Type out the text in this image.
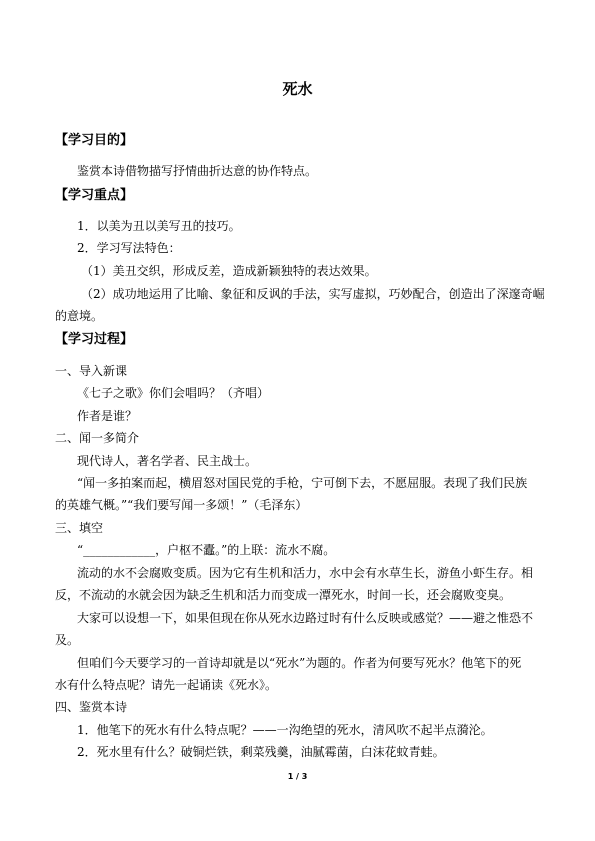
死水
【学习目的】
鉴赏本诗借物描写抒情曲折达意的协作特点。
【学习重点】
1．以美为丑以美写丑的技巧。
2．学习写法特色：
（1）美丑交织，形成反差，造成新颖独特的表达效果。
（2）成功地运用了比喻、象征和反讽的手法，实写虚拟，巧妙配合，创造出了深邃奇崛
的意境。
【学习过程】
一、导入新课
《七子之歌》你们会唱吗？（齐唱）
作者是谁？
二、闻一多简介
现代诗人，著名学者、民主战士。
“闻一多拍案而起，横眉怒对国民党的手枪，宁可倒下去，不愿屈服。表现了我们民族
的英雄气概。”“我们要写闻一多颂！”（毛泽东）
三、填空
“____________，户枢不蠹。”的上联：流水不腐。
流动的水不会腐败变质。因为它有生机和活力，水中会有水草生长，游鱼小虾生存。相
反，不流动的水就会因为缺乏生机和活力而变成一潭死水，时间一长，还会腐败变臭。
大家可以设想一下，如果但现在你从死水边路过时有什么反映或感觉？——避之惟恐不
及。
但咱们今天要学习的一首诗却就是以“死水”为题的。作者为何要写死水？他笔下的死
水有什么特点呢？请先一起诵读《死水》。
四、鉴赏本诗
1．他笔下的死水有什么特点呢？——一沟绝望的死水，清风吹不起半点漪沦。
2．死水里有什么？破铜烂铁，剩菜残羹，油腻霉菌，白沫花蚊青蛙。
1 / 3
